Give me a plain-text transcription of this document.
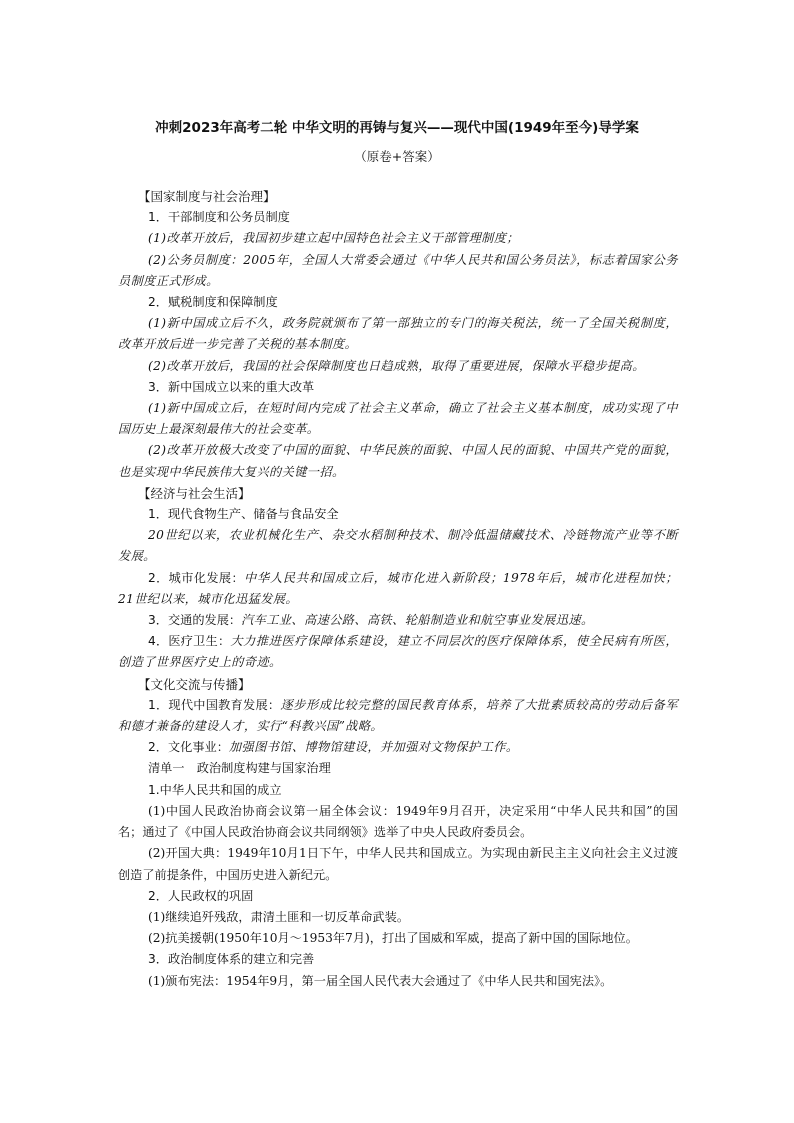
冲刺2023年高考二轮 中华文明的再铸与复兴——现代中国(1949年至今)导学案
（原卷+答案）

【国家制度与社会治理】

1．干部制度和公务员制度

(1)改革开放后，我国初步建立起中国特色社会主义干部管理制度；

(2)公务员制度：2005年，全国人大常委会通过《中华人民共和国公务员法》，标志着国家公务员制度正式形成。

2．赋税制度和保障制度

(1)新中国成立后不久，政务院就颁布了第一部独立的专门的海关税法，统一了全国关税制度，改革开放后进一步完善了关税的基本制度。

(2)改革开放后，我国的社会保障制度也日趋成熟，取得了重要进展，保障水平稳步提高。

3．新中国成立以来的重大改革

(1)新中国成立后，在短时间内完成了社会主义革命，确立了社会主义基本制度，成功实现了中国历史上最深刻最伟大的社会变革。

(2)改革开放极大改变了中国的面貌、中华民族的面貌、中国人民的面貌、中国共产党的面貌，也是实现中华民族伟大复兴的关键一招。

【经济与社会生活】

1．现代食物生产、储备与食品安全

20世纪以来，农业机械化生产、杂交水稻制种技术、制冷低温储藏技术、冷链物流产业等不断发展。

2．城市化发展：中华人民共和国成立后，城市化进入新阶段；1978年后，城市化进程加快；21世纪以来，城市化迅猛发展。

3．交通的发展：汽车工业、高速公路、高铁、轮船制造业和航空事业发展迅速。

4．医疗卫生：大力推进医疗保障体系建设，建立不同层次的医疗保障体系，使全民病有所医，创造了世界医疗史上的奇迹。

【文化交流与传播】

1．现代中国教育发展：逐步形成比较完整的国民教育体系，培养了大批素质较高的劳动后备军和德才兼备的建设人才，实行“科教兴国”战略。

2．文化事业：加强图书馆、博物馆建设，并加强对文物保护工作。

清单一　政治制度构建与国家治理

1.中华人民共和国的成立

(1)中国人民政治协商会议第一届全体会议：1949年9月召开，决定采用“中华人民共和国”的国名；通过了《中国人民政治协商会议共同纲领》选举了中央人民政府委员会。

(2)开国大典：1949年10月1日下午，中华人民共和国成立。为实现由新民主主义向社会主义过渡创造了前提条件，中国历史进入新纪元。

2．人民政权的巩固

(1)继续追歼残敌，肃清土匪和一切反革命武装。

(2)抗美援朝(1950年10月～1953年7月)，打出了国威和军威，提高了新中国的国际地位。

3．政治制度体系的建立和完善

(1)颁布宪法：1954年9月，第一届全国人民代表大会通过了《中华人民共和国宪法》。
